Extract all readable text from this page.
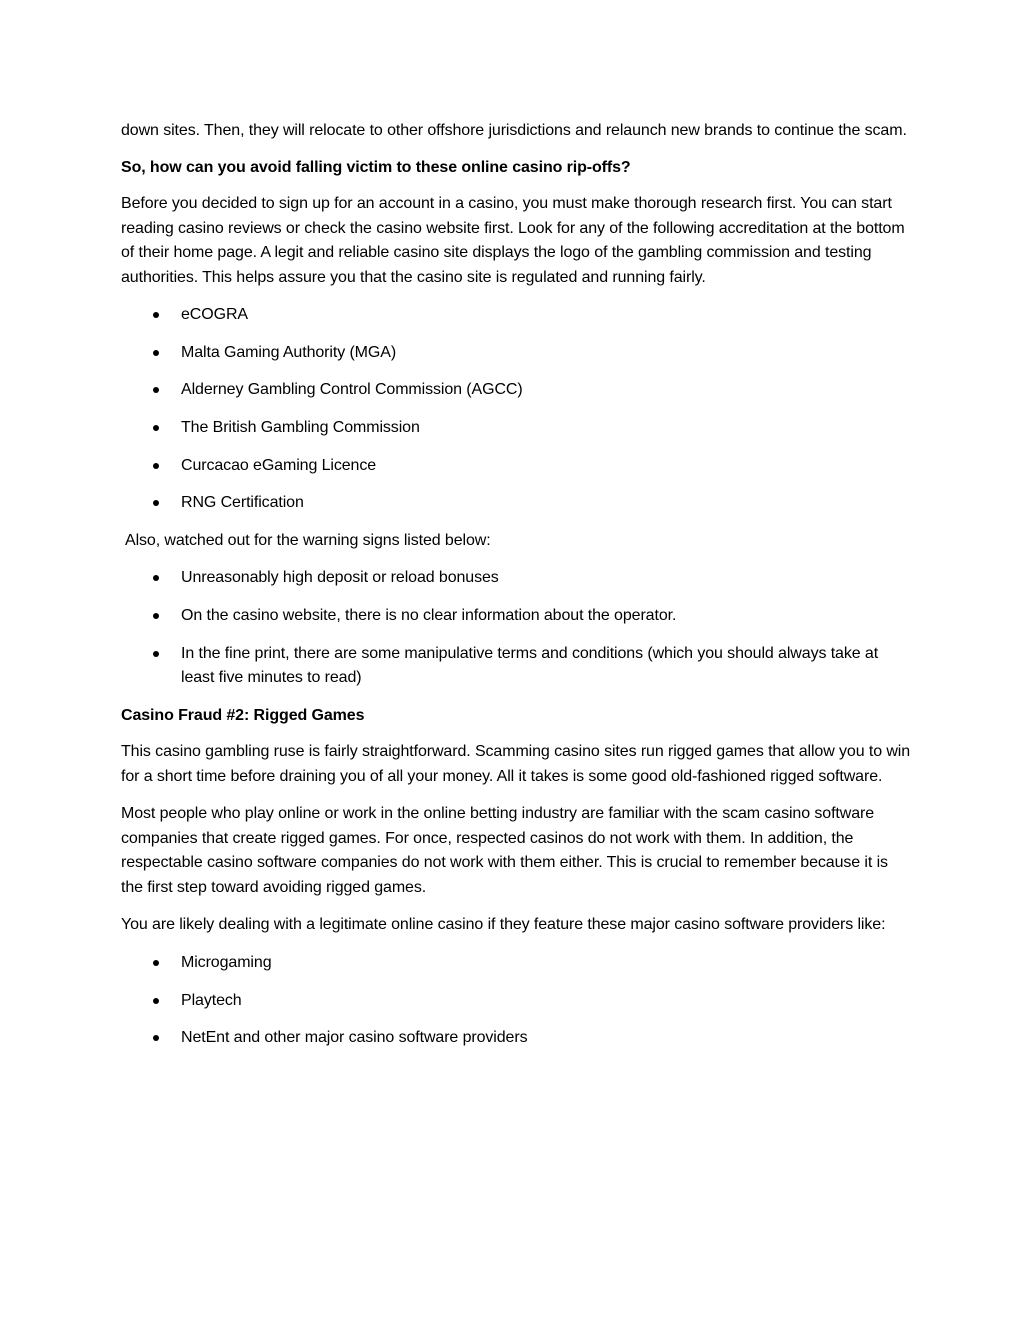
down sites. Then, they will relocate to other offshore jurisdictions and relaunch new brands to continue the scam.

So, how can you avoid falling victim to these online casino rip-offs?

Before you decided to sign up for an account in a casino, you must make thorough research first. You can start reading casino reviews or check the casino website first. Look for any of the following accreditation at the bottom of their home page. A legit and reliable casino site displays the logo of the gambling commission and testing authorities. This helps assure you that the casino site is regulated and running fairly.

eCOGRA
Malta Gaming Authority (MGA)
Alderney Gambling Control Commission (AGCC)
The British Gambling Commission
Curcacao eGaming Licence
RNG Certification

Also, watched out for the warning signs listed below:

Unreasonably high deposit or reload bonuses
On the casino website, there is no clear information about the operator.
In the fine print, there are some manipulative terms and conditions (which you should always take at least five minutes to read)

Casino Fraud #2: Rigged Games

This casino gambling ruse is fairly straightforward. Scamming casino sites run rigged games that allow you to win for a short time before draining you of all your money. All it takes is some good old-fashioned rigged software.

Most people who play online or work in the online betting industry are familiar with the scam casino software companies that create rigged games. For once, respected casinos do not work with them. In addition, the respectable casino software companies do not work with them either. This is crucial to remember because it is the first step toward avoiding rigged games.

You are likely dealing with a legitimate online casino if they feature these major casino software providers like:

Microgaming
Playtech
NetEnt and other major casino software providers
